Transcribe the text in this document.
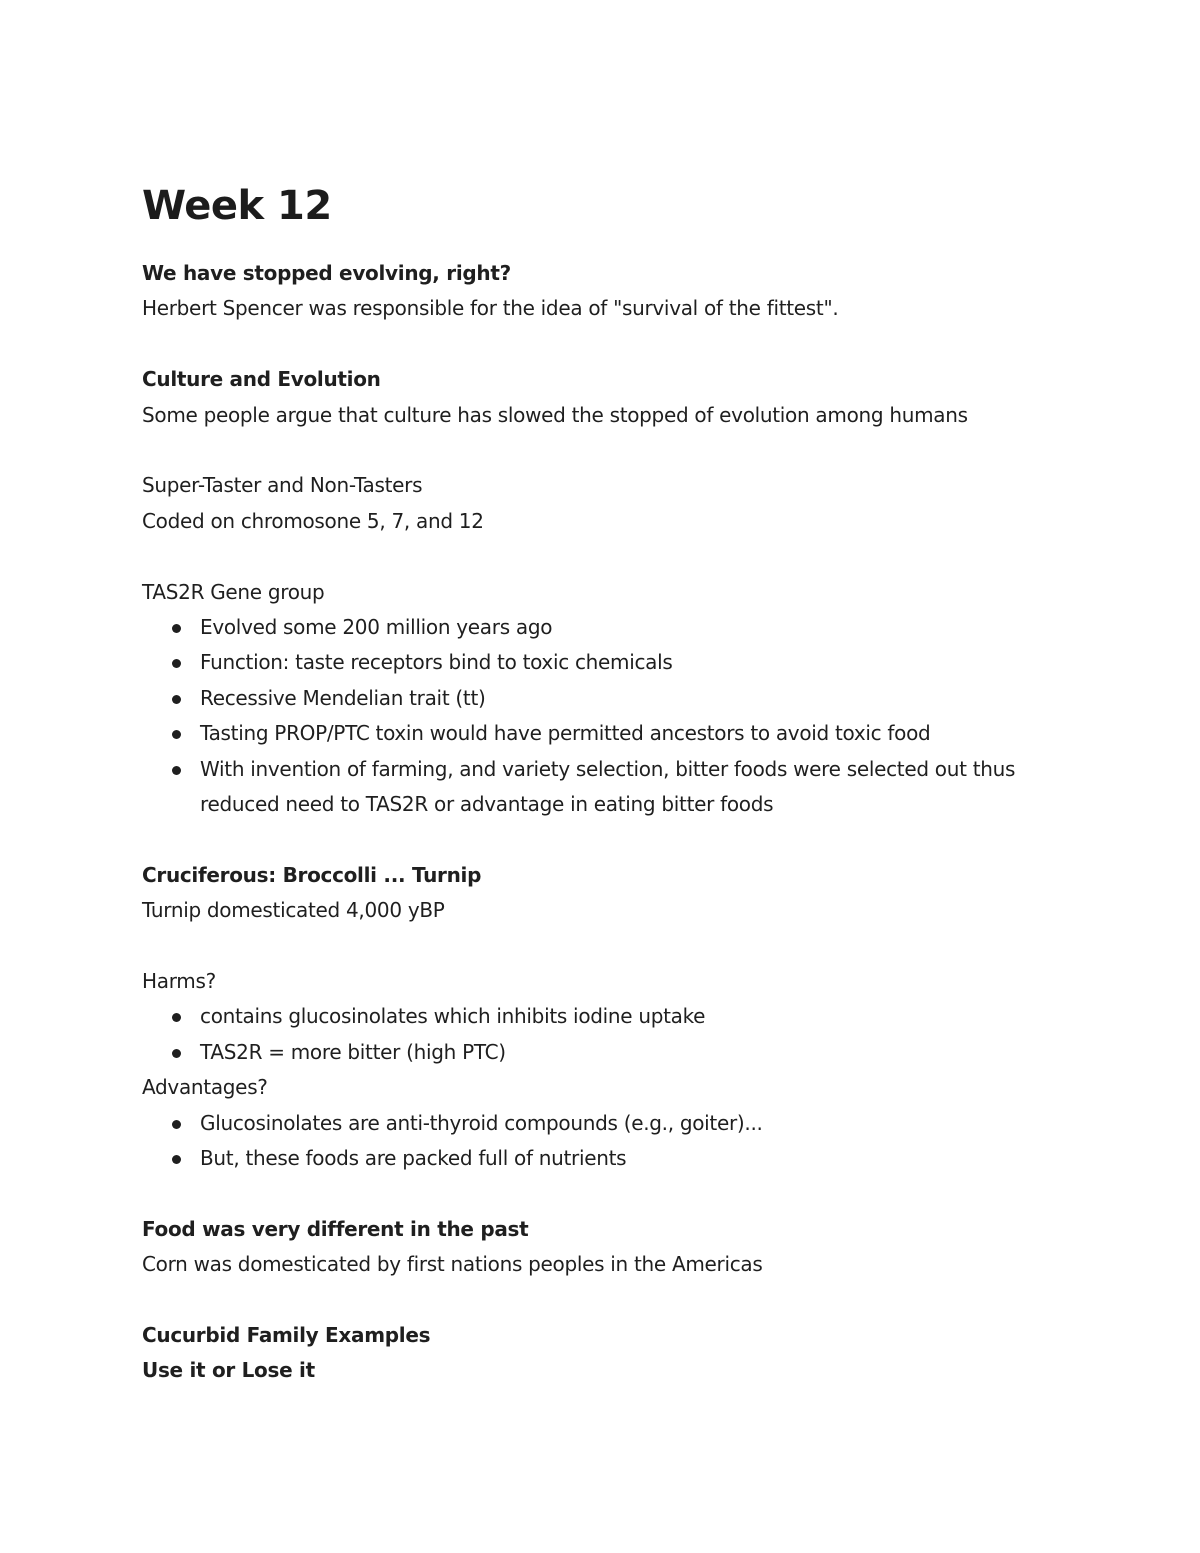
Week 12

We have stopped evolving, right?

Herbert Spencer was responsible for the idea of "survival of the fittest".

Culture and Evolution

Some people argue that culture has slowed the stopped of evolution among humans

Super-Taster and Non-Tasters

Coded on chromosone 5, 7, and 12

TAS2R Gene group

Evolved some 200 million years ago
Function: taste receptors bind to toxic chemicals
Recessive Mendelian trait (tt)
Tasting PROP/PTC toxin would have permitted ancestors to avoid toxic food
With invention of farming, and variety selection, bitter foods were selected out thus reduced need to TAS2R or advantage in eating bitter foods

Cruciferous: Broccolli ... Turnip

Turnip domesticated 4,000 yBP

Harms?

contains glucosinolates which inhibits iodine uptake
TAS2R = more bitter (high PTC)

Advantages?

Glucosinolates are anti-thyroid compounds (e.g., goiter)...
But, these foods are packed full of nutrients

Food was very different in the past

Corn was domesticated by first nations peoples in the Americas

Cucurbid Family Examples

Use it or Lose it
